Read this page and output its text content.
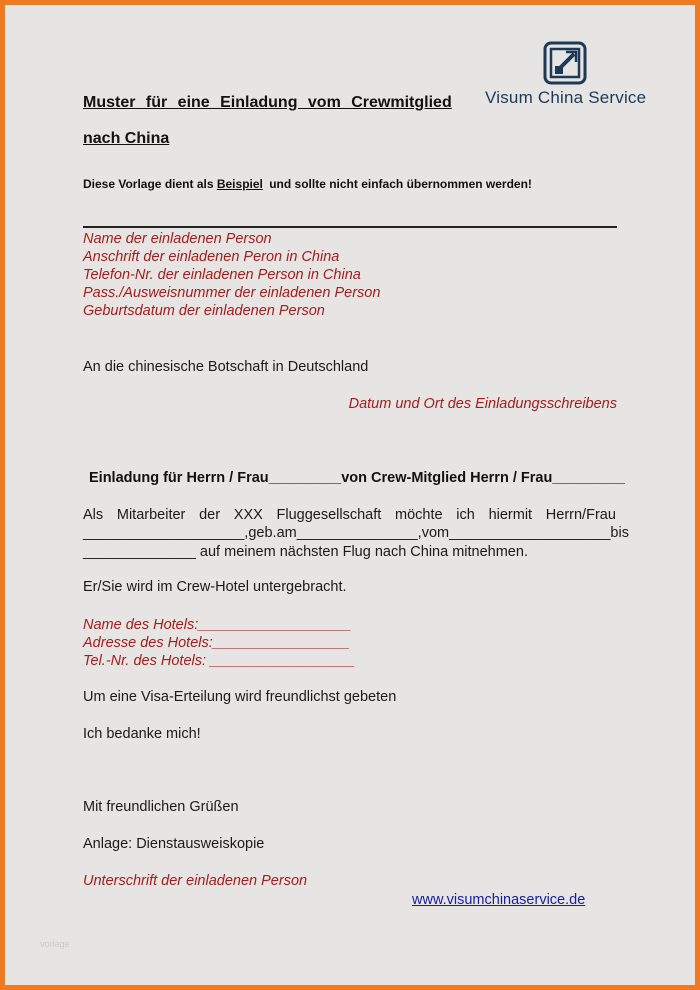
Visum China Service
Muster für eine Einladung vom Crewmitglied
nach China
Diese Vorlage dient als Beispiel und sollte nicht einfach übernommen werden!
Name der einladenen Person
Anschrift der einladenen Peron in China
Telefon-Nr. der einladenen Person in China
Pass./Ausweisnummer der einladenen Person
Geburtsdatum der einladenen Person
An die chinesische Botschaft in Deutschland
Datum und Ort des Einladungsschreibens
Einladung für Herrn / Frau_________von Crew-Mitglied Herrn / Frau_________
Als Mitarbeiter der XXX Fluggesellschaft möchte ich hiermit Herrn/Frau
____________________, geb. am _______________, vom ____________________ bis
______________ auf meinem nächsten Flug nach China mitnehmen.
Er/Sie wird im Crew-Hotel untergebracht.
Name des Hotels:___________________
Adresse des Hotels:_________________
Tel.-Nr. des Hotels: __________________
Um eine Visa-Erteilung wird freundlichst gebeten
Ich bedanke mich!
Mit freundlichen Grüßen
Anlage: Dienstausweiskopie
Unterschrift der einladenen Person
www.visumchinaservice.de
vorlage
